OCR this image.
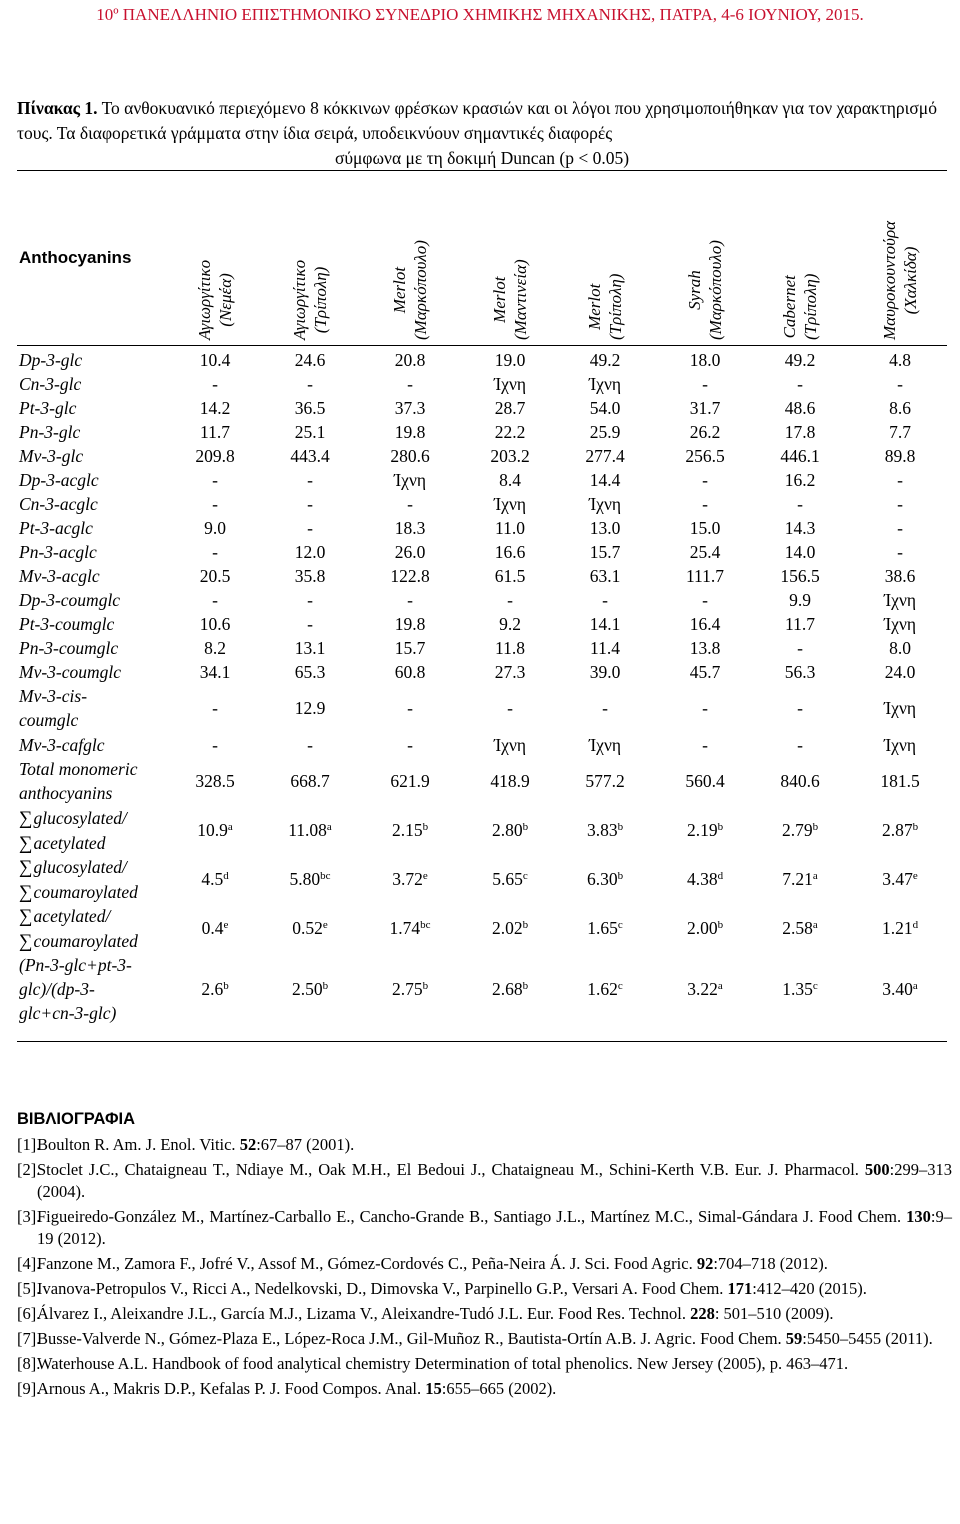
10º ΠΑΝΕΛΛΗΝΙΟ ΕΠΙΣΤΗΜΟΝΙΚΟ ΣΥΝΕΔΡΙΟ ΧΗΜΙΚΗΣ ΜΗΧΑΝΙΚΗΣ, ΠΑΤΡΑ, 4-6 ΙΟΥΝΙΟΥ, 2015.
Πίνακας 1. Το ανθοκυανικό περιεχόμενο 8 κόκκινων φρέσκων κρασιών και οι λόγοι που χρησιμοποιήθηκαν για τον χαρακτηρισμό τους. Τα διαφορετικά γράμματα στην ίδια σειρά, υποδεικνύουν σημαντικές διαφορές
σύμφωνα με τη δοκιμή Duncan (p < 0.05)
Anthocyanins
Αγιωργίτικο (Νεμέα)	Αγιωργίτικο (Τρίπολη)	Merlot (Μαρκόπουλο)	Merlot (Μαντινεία)	Merlot (Τρίπολη)	Syrah (Μαρκόπουλο)	Cabernet (Τρίπολη)	Μαυροκουντούρα (Χαλκίδα)
Dp-3-glc	10.4	24.6	20.8	19.0	49.2	18.0	49.2	4.8
Cn-3-glc	-	-	-	Ίχνη	Ίχνη	-	-	-
Pt-3-glc	14.2	36.5	37.3	28.7	54.0	31.7	48.6	8.6
Pn-3-glc	11.7	25.1	19.8	22.2	25.9	26.2	17.8	7.7
Mv-3-glc	209.8	443.4	280.6	203.2	277.4	256.5	446.1	89.8
Dp-3-acglc	-	-	Ίχνη	8.4	14.4	-	16.2	-
Cn-3-acglc	-	-	-	Ίχνη	Ίχνη	-	-	-
Pt-3-acglc	9.0	-	18.3	11.0	13.0	15.0	14.3	-
Pn-3-acglc	-	12.0	26.0	16.6	15.7	25.4	14.0	-
Mv-3-acglc	20.5	35.8	122.8	61.5	63.1	111.7	156.5	38.6
Dp-3-coumglc	-	-	-	-	-	-	9.9	Ίχνη
Pt-3-coumglc	10.6	-	19.8	9.2	14.1	16.4	11.7	Ίχνη
Pn-3-coumglc	8.2	13.1	15.7	11.8	11.4	13.8	-	8.0
Mv-3-coumglc	34.1	65.3	60.8	27.3	39.0	45.7	56.3	24.0
Mv-3-cis-
coumglc
-	12.9	-	-	-	-	-	Ίχνη
Mv-3-cafglc	-	-	-	Ίχνη	Ίχνη	-	-	Ίχνη
Total monomeric
anthocyanins
328.5	668.7	621.9	418.9	577.2	560.4	840.6	181.5
∑glucosylated/
∑acetylated
10.9$^a$	11.08$^a$	2.15$^b$	2.80$^b$	3.83$^b$	2.19$^b$	2.79$^b$	2.87$^b$
∑glucosylated/
∑coumaroylated
4.5$^d$	5.80$^{bc}$	3.72e	5.65$^c$	6.30$^b$	4.38$^d$	7.21$^a$	3.47e
∑acetylated/
∑coumaroylated
0.4e	0.52e	1.74$^{bc}$	2.02$^b$	1.65$^c$	2.00$^b$	2.58$^a$	1.21$^d$
(Pn-3-glc+pt-3-
glc)/(dp-3-
glc+cn-3-glc)
2.6$^b$	2.50$^b$	2.75$^b$	2.68$^b$	1.62$^c$	3.22$^a$	1.35$^c$	3.40$^a$
ΒΙΒΛΙΟΓΡΑΦΙΑ
[1].
Boulton R. Am. J. Enol. Vitic. 52:67–87 (2001).
[2].
Stoclet J.C., Chataigneau T., Ndiaye M., Oak M.H., El Bedoui J., Chataigneau M., Schini-Kerth V.B. Eur. J. Pharmacol. 500:299–313 (2004).
[3].
Figueiredo-González M., Martínez-Carballo E., Cancho-Grande B., Santiago J.L., Martínez M.C., Simal-Gándara J. Food Chem. 130:9–19 (2012).
[4].
Fanzone M., Zamora F., Jofré V., Assof M., Gómez-Cordovés C., Peña-Neira Á. J. Sci. Food Agric. 92:704–718 (2012).
[5].
Ivanova-Petropulos V., Ricci A., Nedelkovski, D., Dimovska V., Parpinello G.P., Versari A. Food Chem. 171:412–420 (2015).
[6].
Álvarez I., Aleixandre J.L., García M.J., Lizama V., Aleixandre-Tudó J.L. Eur. Food Res. Technol. 228: 501–510 (2009).
[7].
Busse-Valverde N., Gómez-Plaza E., López-Roca J.M., Gil-Muñoz R., Bautista-Ortín A.B. J. Agric. Food Chem. 59:5450–5455 (2011).
[8].
Waterhouse A.L. Handbook of food analytical chemistry Determination of total phenolics. New Jersey (2005), p. 463–471.
[9].
Arnous A., Makris D.P., Kefalas P. J. Food Compos. Anal. 15:655–665 (2002).
